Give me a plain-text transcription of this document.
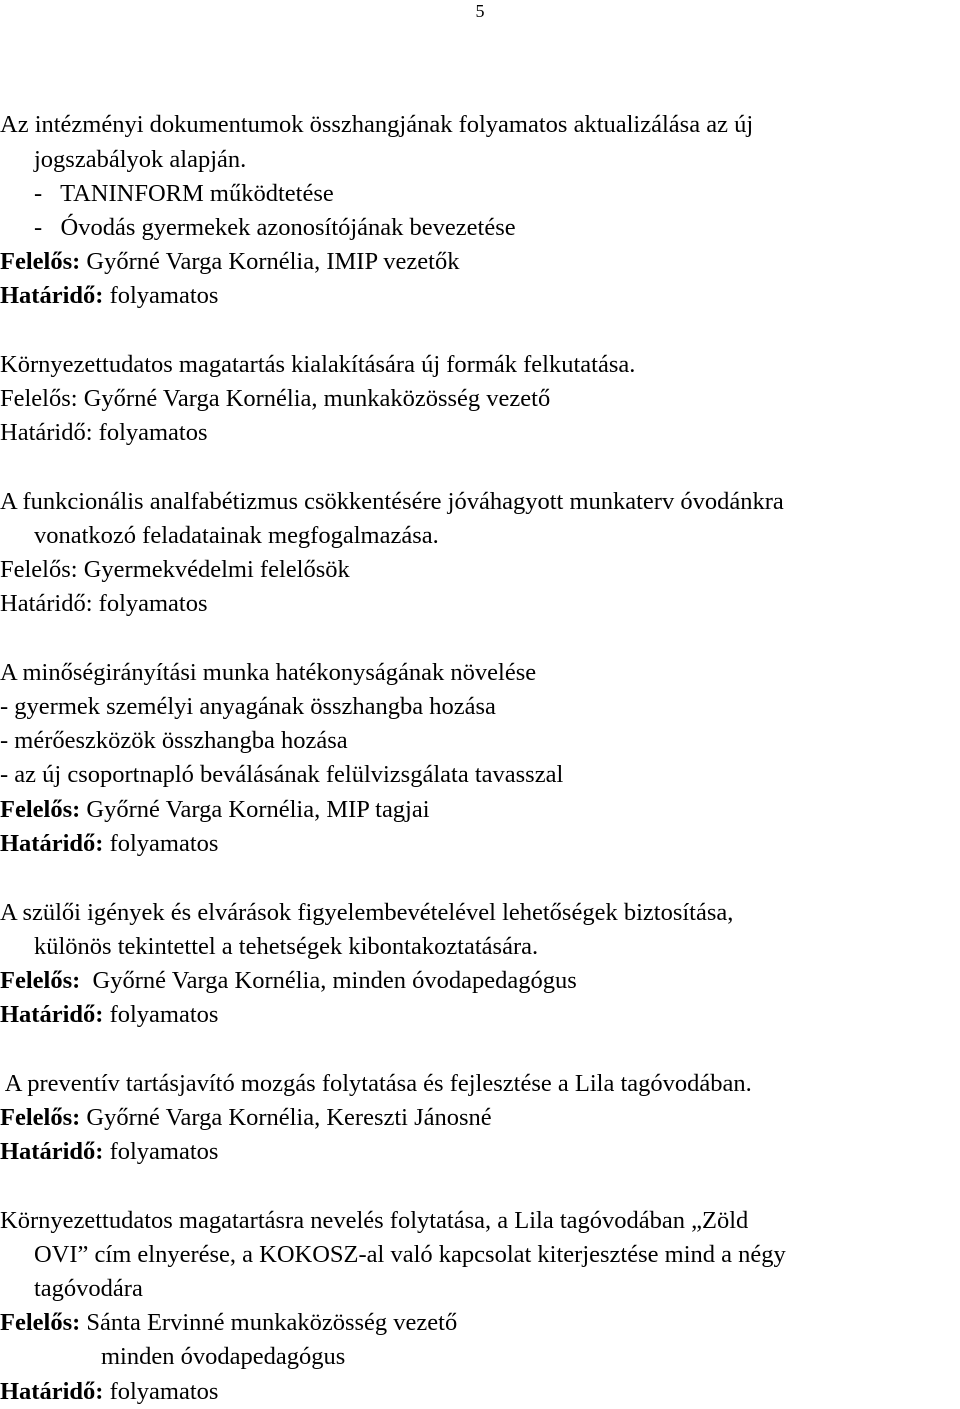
5
Az intézményi dokumentumok összhangjának folyamatos aktualizálása az új
jogszabályok alapján.
-   TANINFORM működtetése
-   Óvodás gyermekek azonosítójának bevezetése
Felelős: Győrné Varga Kornélia, IMIP vezetők
Határidő: folyamatos
Környezettudatos magatartás kialakítására új formák felkutatása.
Felelős: Győrné Varga Kornélia, munkaközösség vezető
Határidő: folyamatos
A funkcionális analfabétizmus csökkentésére jóváhagyott munkaterv óvodánkra
vonatkozó feladatainak megfogalmazása.
Felelős: Gyermekvédelmi felelősök
Határidő: folyamatos
A minőségirányítási munka hatékonyságának növelése
- gyermek személyi anyagának összhangba hozása
- mérőeszközök összhangba hozása
- az új csoportnapló beválásának felülvizsgálata tavasszal
Felelős: Győrné Varga Kornélia, MIP tagjai
Határidő: folyamatos
A szülői igények és elvárások figyelembevételével lehetőségek biztosítása,
különös tekintettel a tehetségek kibontakoztatására.
Felelős:  Győrné Varga Kornélia, minden óvodapedagógus
Határidő: folyamatos
A preventív tartásjavító mozgás folytatása és fejlesztése a Lila tagóvodában.
Felelős: Győrné Varga Kornélia, Kereszti Jánosné
Határidő: folyamatos
Környezettudatos magatartásra nevelés folytatása, a Lila tagóvodában „Zöld
OVI” cím elnyerése, a KOKOSZ-al való kapcsolat kiterjesztése mind a négy
tagóvodára
Felelős: Sánta Ervinné munkaközösség vezető
minden óvodapedagógus
Határidő: folyamatos
